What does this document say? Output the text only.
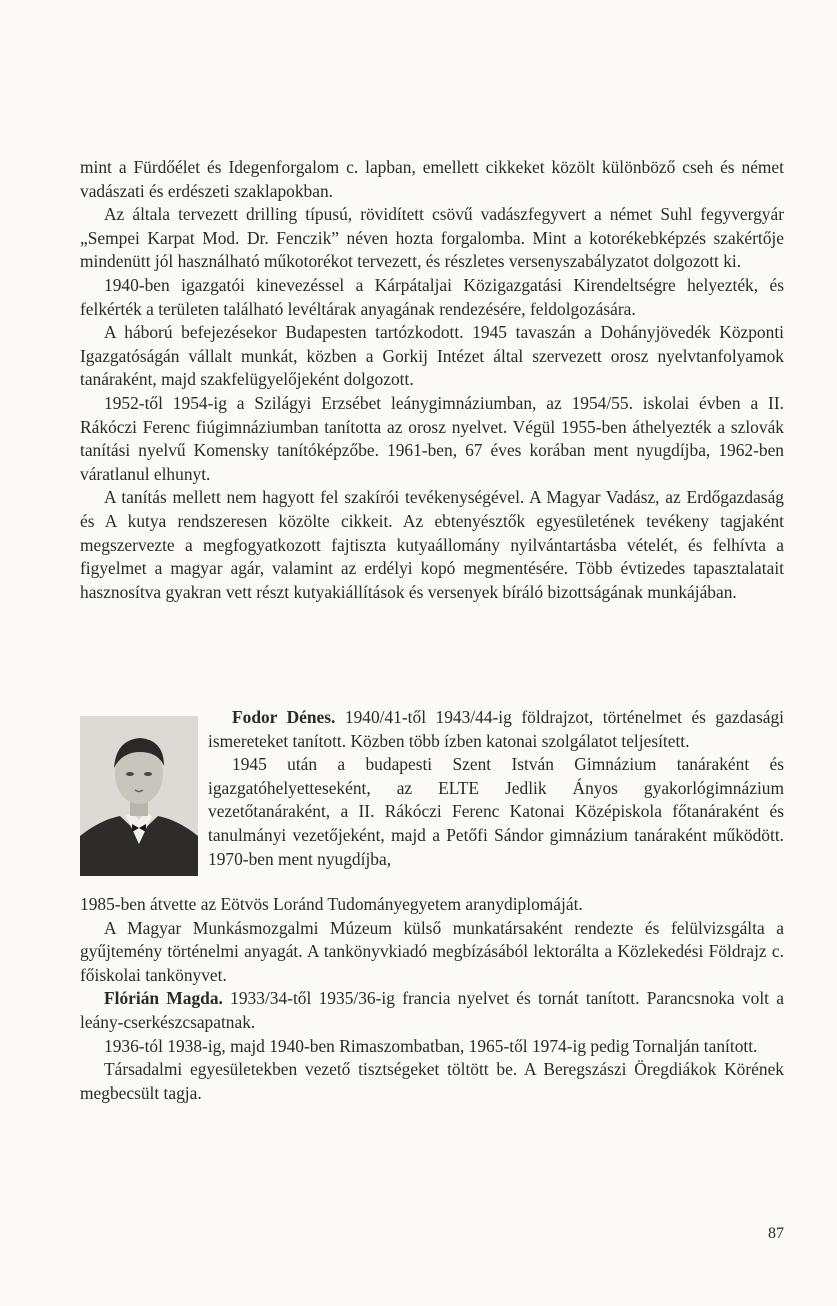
mint a Fürdőélet és Idegenforgalom c. lapban, emellett cikkeket közölt különböző cseh és német vadászati és erdészeti szaklapokban.

Az általa tervezett drilling típusú, rövidített csövű vadászfegyvert a német Suhl fegyvergyár „Sempei Karpat Mod. Dr. Fenczik” néven hozta forgalomba. Mint a kotorékebképzés szakértője mindenütt jól használható műkotorékot tervezett, és részletes versenyszabályzatot dolgozott ki.

1940-ben igazgatói kinevezéssel a Kárpátaljai Közigazgatási Kirendeltségre helyezték, és felkérték a területen található levéltárak anyagának rendezésére, feldolgozására.

A háború befejezésekor Budapesten tartózkodott. 1945 tavaszán a Dohányjövedék Központi Igazgatóságán vállalt munkát, közben a Gorkij Intézet által szervezett orosz nyelvtanfolyamok tanáraként, majd szakfelügyelőjeként dolgozott.

1952-től 1954-ig a Szilágyi Erzsébet leánygimnáziumban, az 1954/55. iskolai évben a II. Rákóczi Ferenc fiúgimnáziumban tanította az orosz nyelvet. Végül 1955-ben áthelyezték a szlovák tanítási nyelvű Komensky tanítóképzőbe. 1961-ben, 67 éves korában ment nyugdíjba, 1962-ben váratlanul elhunyt.

A tanítás mellett nem hagyott fel szakírói tevékenységével. A Magyar Vadász, az Erdőgazdaság és A kutya rendszeresen közölte cikkeit. Az ebtenyésztők egyesületének tevékeny tagjaként megszervezte a megfogyatkozott fajtiszta kutyaállomány nyilvántartásba vételét, és felhívta a figyelmet a magyar agár, valamint az erdélyi kopó megmentésére. Több évtizedes tapasztalatait hasznosítva gyakran vett részt kutyakiállítások és versenyek bíráló bizottságának munkájában.

Fodor Dénes. 1940/41-től 1943/44-ig földrajzot, történelmet és gazdasági ismereteket tanított. Közben több ízben katonai szolgálatot teljesített.

1945 után a budapesti Szent István Gimnázium tanáraként és igazgatóhelyetteseként, az ELTE Jedlik Ányos gyakorlógimnázium vezetőtanáraként, a II. Rákóczi Ferenc Katonai Középiskola főtanáraként és tanulmányi vezetőjeként, majd a Petőfi Sándor gimnázium tanáraként működött. 1970-ben ment nyugdíjba,

1985-ben átvette az Eötvös Loránd Tudományegyetem aranydiplomáját.

A Magyar Munkásmozgalmi Múzeum külső munkatársaként rendezte és felülvizsgálta a gyűjtemény történelmi anyagát. A tankönyvkiadó megbízásából lektorálta a Közlekedési Földrajz c. főiskolai tankönyvet.

Flórián Magda. 1933/34-től 1935/36-ig francia nyelvet és tornát tanított. Parancsnoka volt a leány-cserkészcsapatnak.

1936-tól 1938-ig, majd 1940-ben Rimaszombatban, 1965-től 1974-ig pedig Tornalján tanított.

Társadalmi egyesületekben vezető tisztségeket töltött be. A Beregszászi Öregdiákok Körének megbecsült tagja.

87
